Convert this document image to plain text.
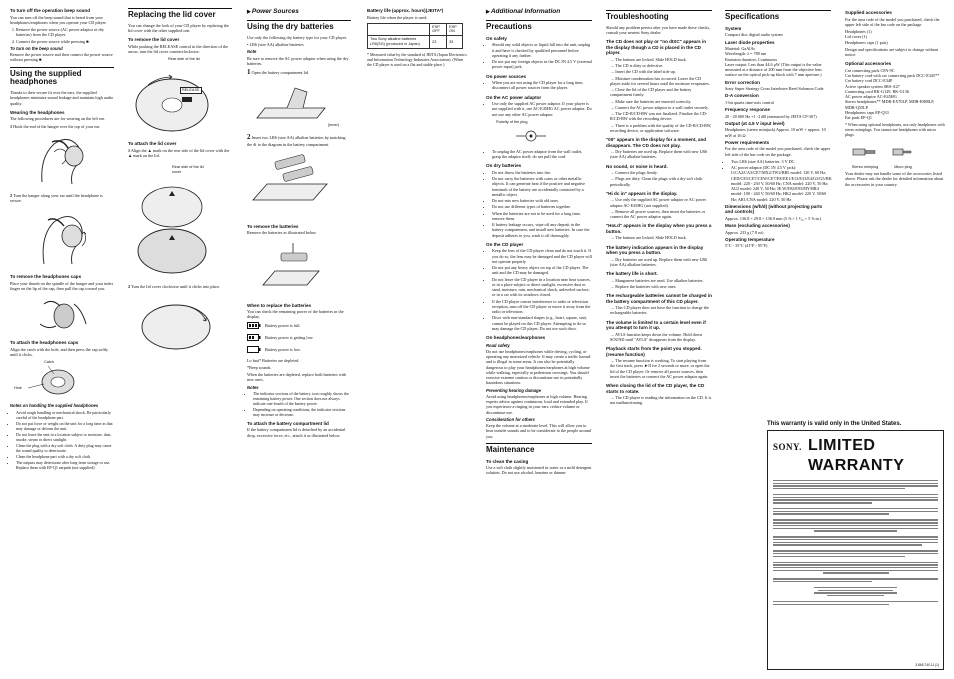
To turn off the operation beep sound

You can turn off the beep sound that is heard from your headphones/earphones when you operate your CD player.

1. Remove the power source (AC power adaptor or dry batteries) from the CD player.
2. Connect the power source while pressing ■.
To turn on the beep sound

Remove the power source and then connect the power source without pressing ■.

Using the supplied headphones

Thanks to their secure fit over the ears, the supplied headphones minimize sound leakage and maintain high audio quality.

Wearing the headphones

The following procedures are for wearing on the left ear.

1 Hook the end of the hanger over the top of your ear.

2 Turn the hanger along your ear until the headphone is secure.

To remove the headphones caps

Place your thumb on the spindle of the hanger and your index finger on the lip of the cap, then pull the cap toward you.

To attach the headphones caps

Align the catch with the hole, and then press the cap softly until it clicks.

Catch
Hole
Notes on handling the supplied headphones
• Avoid rough handling or mechanical shock. Be particularly careful of the headphone part.
• Do not put force or weight on the unit for a long time as that may damage or deform the unit.
• Do not leave the unit in a location subject to moisture, dust, smoke, steam or direct sunlight.
• Clean the plug with a dry soft cloth. A dirty plug may cause the sound quality to deteriorate.
• Clean the headphone part with a dry soft cloth.
• The outputs may deteriorate after long-term storage or use. Replace them with EP-Q1 earpads (not supplied).
Replacing the lid cover

You can change the look of your CD player by replacing the lid cover with the other supplied one.

To remove the lid cover

While pushing the RELEASE control in the direction of the arrow, turn the lid cover counterclockwise.

Rear side of the lid
RELEASE
To attach the lid cover

1 Align the ▲ mark on the rear side of the lid cover with the ▲ mark on the lid.

Rear side of the lid cover

2 Turn the lid cover clockwise until it clicks into place.

▶Power Sources
Using the dry batteries

Use only the following dry battery type for your CD player.

• LR6 (size AA) alkaline batteries

Note

Be sure to remove the AC power adaptor when using the dry batteries.

1 Open the battery compartment lid.

(inner)

2 Insert two LR6 (size AA) alkaline batteries by matching the ⊕ to the diagram in the battery compartment.

To remove the batteries

Remove the batteries as illustrated below.

When to replace the batteries

You can check the remaining power of the batteries in the display.

Battery power is full.
Battery power is getting low.
Battery power is low.

Lo batt* Batteries are depleted.

*Beep sounds.

When the batteries are depleted, replace both batteries with new ones.

Notes
• The indicator sections of the battery icon roughly shows the remaining battery power. One section does not always indicate one-fourth of the battery power.
• Depending on operating conditions, the indicator sections may increase or decrease.
To attach the battery compartment lid

If the battery compartment lid is detached by an accidental drop, excessive force, etc., attach it as illustrated below.

Battery life (approx. hours)(JEITA*)

Battery life when the player is used.

	ESP OFF	ESP ON
Two Sony alkaline batteries LR6(SG) (produced in Japan)	23	33

* Measured value by the standard of JEITA (Japan Electronics and Information Technology Industries Association). (When the CD player is used on a flat and stable place.)

▶Additional Information
Precautions
On safety
• Should any solid objects or liquid fall into the unit, unplug it and have it checked by qualified personnel before operating it any further.
• Do not put any foreign objects in the DC IN 4.5 V (external power input) jack.
On power sources
• When you are not using the CD player for a long time, disconnect all power sources from the player.
On the AC power adaptor
• Use only the supplied AC power adaptor. If your player is not supplied with it, use AC-E45HG AC power adaptor. Do not use any other AC power adaptor.
Polarity of the plug
• To unplug the AC power adaptor from the wall outlet, grasp the adaptor itself; do not pull the cord.
On dry batteries
• Do not throw the batteries into fire.
• Do not carry the batteries with coins or other metallic objects. It can generate heat if the positive and negative terminals of the battery are accidentally contacted by a metallic object.
• Do not mix new batteries with old ones.
• Do not use different types of batteries together.
• When the batteries are not to be used for a long time, remove them.
• If battery leakage occurs, wipe off any deposit in the battery compartment, and install new batteries. In case the deposit adheres to you, wash it off thoroughly.
On the CD player
• Keep the lens of the CD player clean and do not touch it. If you do so, the lens may be damaged and the CD player will not operate properly.
• Do not put any heavy object on top of the CD player. The unit and the CD may be damaged.
• Do not leave the CD player in a location near heat sources, or in a place subject to direct sunlight, excessive dust or sand, moisture, rain, mechanical shock, unleveled surface, or in a car with its windows closed.
• If the CD player causes interference to radio or television reception, turn off the CD player or move it away from the radio or television.
• Discs with non-standard shapes (e.g., heart, square, star) cannot be played on this CD player. Attempting to do so may damage the CD player. Do not use such discs.
On headphones/earphones
Road safety

Do not use headphones/earphones while driving, cycling, or operating any motorized vehicle. It may create a traffic hazard and is illegal in some areas. It can also be potentially dangerous to play your headphones/earphones at high volume while walking, especially at pedestrian crossings. You should exercise extreme caution or discontinue use in potentially hazardous situations.

Preventing hearing damage

Avoid using headphones/earphones at high volume. Hearing experts advise against continuous, loud and extended play. If you experience a ringing in your ears, reduce volume or discontinue use.

Consideration for others

Keep the volume at a moderate level. This will allow you to hear outside sounds and to be considerate to the people around you.

Maintenance
To clean the casing

Use a soft cloth slightly moistened in water or a mild detergent solution. Do not use alcohol, benzine or thinner.

Troubleshooting

Should any problem persist after you have made these checks, consult your nearest Sony dealer.

The CD does not play or "no dISC" appears in the display though a CD is placed in the CD player.
→ The buttons are locked. Slide HOLD back.
→ The CD is dirty or defective.
→ Insert the CD with the label side up.
→ Moisture condensation has occurred. Leave the CD player aside for several hours until the moisture evaporates.
→ Close the lid of the CD player and the battery compartment firmly.
→ Make sure the batteries are inserted correctly.
→ Connect the AC power adaptor to a wall outlet securely.
→ The CD-R/CD-RW was not finalized. Finalize the CD-R/CD-RW with the recording device.
→ There is a problem with the quality of the CD-R/CD-RW, recording device, or application software.
"00" appears in the display for a moment, and disappears. The CD does not play.
→ Dry batteries are used up. Replace them with new LR6 (size AA) alkaline batteries.
No sound, or noise is heard.
→ Connect the plugs firmly.
→ Plugs are dirty. Clean the plugs with a dry soft cloth periodically.
"Hi dc in" appears in the display.
→ Use only the supplied AC power adaptor or AC power adaptor AC-E45HG (not supplied).
→ Remove all power sources, then insert the batteries or connect the AC power adaptor again.
"HoLd" appears in the display when you press a button.
→ The buttons are locked. Slide HOLD back.
The battery indication appears in the display when you press a button.
→ Dry batteries are used up. Replace them with new LR6 (size AA) alkaline batteries.
The battery life is short.
→ Manganese batteries are used. Use alkaline batteries.
→ Replace the batteries with new ones.
The rechargeable batteries cannot be charged in the battery compartment of this CD player.
→ This CD player does not have the function to charge the rechargeable batteries.
The volume is limited to a certain level even if you attempt to turn it up.
→ AVLS function keeps down the volume. Hold down SOUND until "AVLS" disappears from the display.
Playback starts from the point you stopped. (resume function)
→ The resume function is working. To start playing from the first track, press ►II for 2 seconds or more, or open the lid of the CD player. Or remove all power sources, then insert the batteries or connect the AC power adaptor again.
When closing the lid of the CD player, the CD starts to rotate.
→ The CD player is reading the information on the CD. It is not malfunctioning.
Specifications
System

Compact disc digital audio system

Laser diode properties

Material: GaAlAs

Wavelength: λ = 780 nm

Emission duration: Continuous

Laser output: Less than 44.6 μW (This output is the value measured at a distance of 200 mm from the objective lens surface on the optical pick-up block with 7 mm aperture.)

Error correction

Sony Super Strategy Cross Interleave Reed Solomon Code

D-A conversion

1-bit quartz time-axis control

Frequency response

20 - 20 000 Hz +1 -2 dB (measured by JEITA CP-307)

Output (at 4.5 V input level)

Headphones (stereo minijack) Approx. 10 mW + approx. 10 mW at 16 Ω

Power requirements

For the area code of the model you purchased, check the upper left side of the bar code on the package.

• Two LR6 (size AA) batteries: 3 V DC
• AC power adaptor (DC IN 4.5 V jack): U/CA2/CA3/CE7/MX2/TW2/BR5 model: 120 V, 60 Hz; CED/CE5/CE7/CEW/CE7/EE/EE1/E13/E33/E4/G3/G5/HK model: 220 - 230 V, 50/60 Hz; CNA model: 220 V, 50 Hz; AU2 model: 240 V, 50 Hz; JE.W/E92/E93/MY/BR4 model: 100 - 240 V, 50/60 Hz; HK2 model: 220 V, 50/60 Hz; AR1/CNA model: 220 V, 50 Hz
Dimensions (w/h/d) (without projecting parts and controls)

Approx. 136.8 × 29.8 × 136.9 mm (5 ⅜ × 1 ³⁄₁₆ × 5 ⅜ in.)

Mass (excluding accessories)

Approx. 233 g (7.8 oz)

Operating temperature

5°C - 35°C (41°F - 95°F)

Supplied accessories

For the area code of the model you purchased, check the upper left side of the bar code on the package.

Headphones (1)

Lid cover (1)

Headphones caps (1 pair)

Design and specifications are subject to change without notice.

Optional accessories

Car connecting pack CPA-9C

Car battery cord with car connecting pack DCC-E345**

Car battery cord DCC-E34P

Active speaker system SRS-A27

Connecting cord RK-G129, RK-G136

AC power adaptor AC-E45HG

Stereo headphones** MDR-EX70LP, MDR-E888LP, MDR-Q55LP

Headphones caps EP-Q33

Ear pads EP-Q1

* When using optional headphones, use only headphones with stereo miniplugs. You cannot use headphones with micro plugs.

Stereo miniplug	Micro plug

Your dealer may not handle some of the accessories listed above. Please ask the dealer for detailed information about the accessories in your country.

This warranty is valid only in the United States.
SONY. LIMITED WARRANTY
3-865-740-11 (1)
